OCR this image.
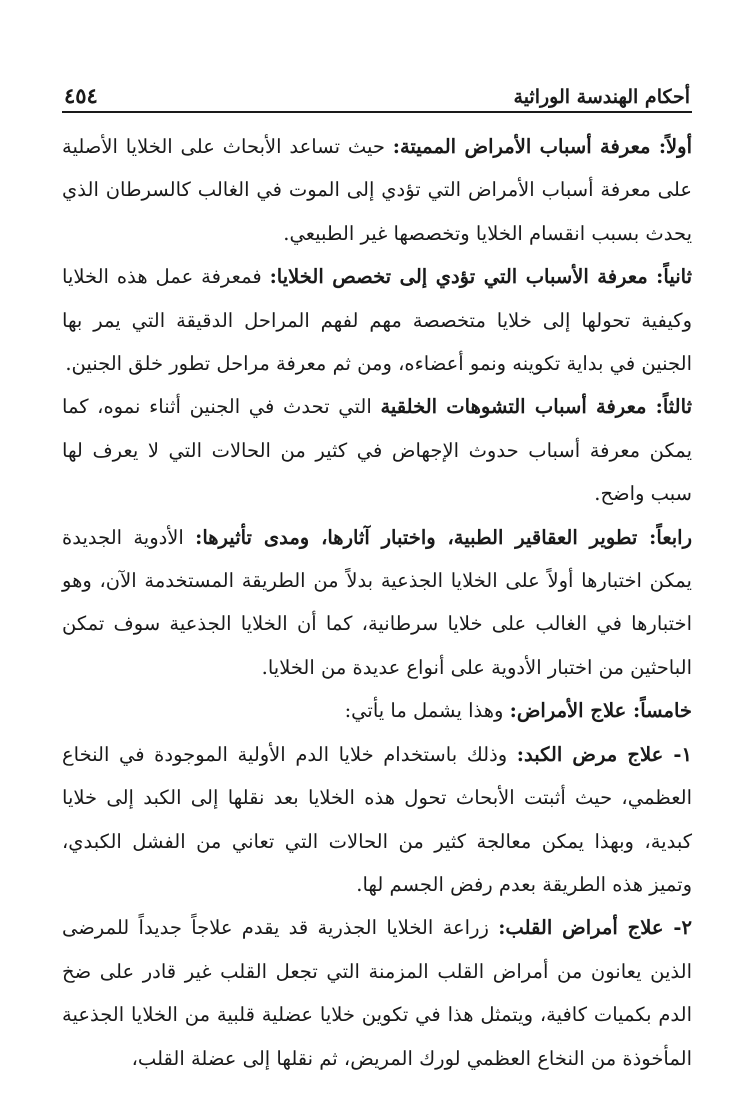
أحكام الهندسة الوراثية
٤٥٤

أولاً: معرفة أسباب الأمراض المميتة: حيث تساعد الأبحاث على الخلايا الأصلية على معرفة أسباب الأمراض التي تؤدي إلى الموت في الغالب كالسرطان الذي يحدث بسبب انقسام الخلايا وتخصصها غير الطبيعي.

ثانياً: معرفة الأسباب التي تؤدي إلى تخصص الخلايا: فمعرفة عمل هذه الخلايا وكيفية تحولها إلى خلايا متخصصة مهم لفهم المراحل الدقيقة التي يمر بها الجنين في بداية تكوينه ونمو أعضاءه، ومن ثم معرفة مراحل تطور خلق الجنين.

ثالثاً: معرفة أسباب التشوهات الخلقية التي تحدث في الجنين أثناء نموه، كما يمكن معرفة أسباب حدوث الإجهاض في كثير من الحالات التي لا يعرف لها سبب واضح.

رابعاً: تطوير العقاقير الطبية، واختبار آثارها، ومدى تأثيرها: الأدوية الجديدة يمكن اختبارها أولاً على الخلايا الجذعية بدلاً من الطريقة المستخدمة الآن، وهو اختبارها في الغالب على خلايا سرطانية، كما أن الخلايا الجذعية سوف تمكن الباحثين من اختبار الأدوية على أنواع عديدة من الخلايا.

خامساً: علاج الأمراض: وهذا يشمل ما يأتي:

١- علاج مرض الكبد: وذلك باستخدام خلايا الدم الأولية الموجودة في النخاع العظمي، حيث أثبتت الأبحاث تحول هذه الخلايا بعد نقلها إلى الكبد إلى خلايا كبدية، وبهذا يمكن معالجة كثير من الحالات التي تعاني من الفشل الكبدي، وتميز هذه الطريقة بعدم رفض الجسم لها.

٢- علاج أمراض القلب: زراعة الخلايا الجذرية قد يقدم علاجاً جديداً للمرضى الذين يعانون من أمراض القلب المزمنة التي تجعل القلب غير قادر على ضخ الدم بكميات كافية، ويتمثل هذا في تكوين خلايا عضلية قلبية من الخلايا الجذعية المأخوذة من النخاع العظمي لورك المريض، ثم نقلها إلى عضلة القلب،
